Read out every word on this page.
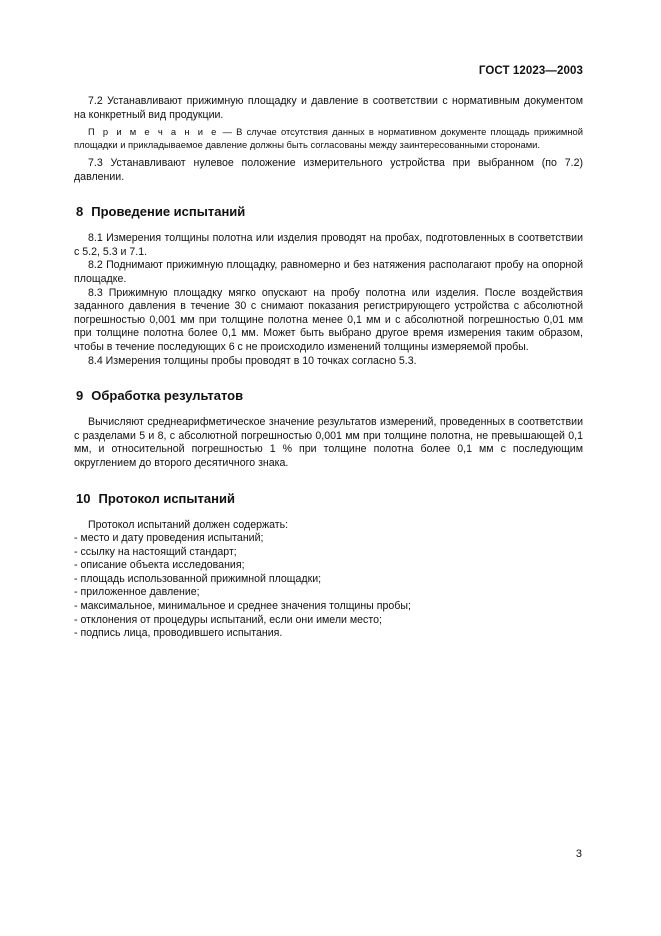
ГОСТ 12023—2003

7.2 Устанавливают прижимную площадку и давление в соответствии с нормативным документом на конкретный вид продукции.

П р и м е ч а н и е — В случае отсутствия данных в нормативном документе площадь прижимной площадки и прикладываемое давление должны быть согласованы между заинтересованными сторонами.

7.3 Устанавливают нулевое положение измерительного устройства при выбранном (по 7.2) давлении.

8 Проведение испытаний

8.1 Измерения толщины полотна или изделия проводят на пробах, подготовленных в соответствии с 5.2, 5.3 и 7.1.

8.2 Поднимают прижимную площадку, равномерно и без натяжения располагают пробу на опорной площадке.

8.3 Прижимную площадку мягко опускают на пробу полотна или изделия. После воздействия заданного давления в течение 30 с снимают показания регистрирующего устройства с абсолютной погрешностью 0,001 мм при толщине полотна менее 0,1 мм и с абсолютной погрешностью 0,01 мм при толщине полотна более 0,1 мм. Может быть выбрано другое время измерения таким образом, чтобы в течение последующих 6 с не происходило изменений толщины измеряемой пробы.

8.4 Измерения толщины пробы проводят в 10 точках согласно 5.3.

9 Обработка результатов

Вычисляют среднеарифметическое значение результатов измерений, проведенных в соответствии с разделами 5 и 8, с абсолютной погрешностью 0,001 мм при толщине полотна, не превышающей 0,1 мм, и относительной погрешностью 1 % при толщине полотна более 0,1 мм с последующим округлением до второго десятичного знака.

10 Протокол испытаний

Протокол испытаний должен содержать:

- место и дату проведения испытаний;
- ссылку на настоящий стандарт;
- описание объекта исследования;
- площадь использованной прижимной площадки;
- приложенное давление;
- максимальное, минимальное и среднее значения толщины пробы;
- отклонения от процедуры испытаний, если они имели место;
- подпись лица, проводившего испытания.
3
